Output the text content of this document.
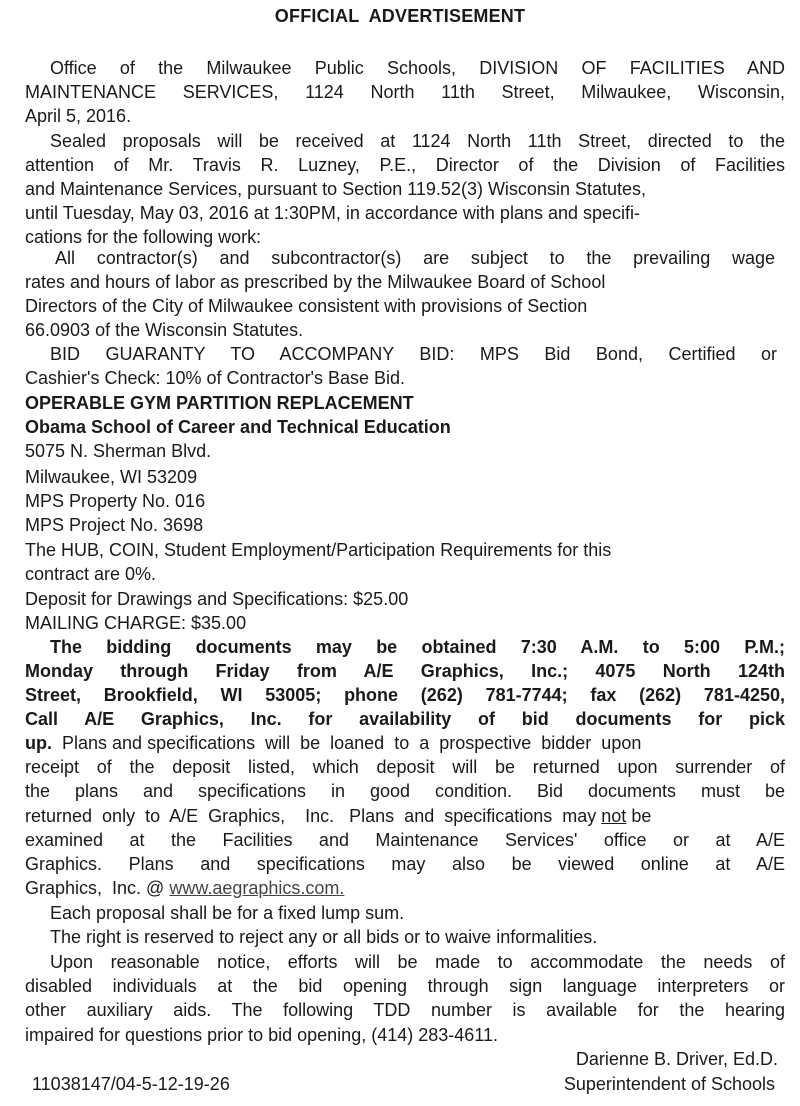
OFFICIAL ADVERTISEMENT
Office of the Milwaukee Public Schools, DIVISION OF FACILITIES AND
MAINTENANCE SERVICES, 1124 North 11th Street, Milwaukee, Wisconsin,
April 5, 2016.
Sealed proposals will be received at 1124 North 11th Street, directed to the
attention of Mr. Travis R. Luzney, P.E., Director of the Division of Facilities
and Maintenance Services, pursuant to Section 119.52(3) Wisconsin Statutes,
until Tuesday, May 03, 2016 at 1:30PM, in accordance with plans and specifi-
cations for the following work:
All contractor(s) and subcontractor(s) are subject to the prevailing wage
rates and hours of labor as prescribed by the Milwaukee Board of School
Directors of the City of Milwaukee consistent with provisions of Section
66.0903 of the Wisconsin Statutes.
BID GUARANTY TO ACCOMPANY BID: MPS Bid Bond, Certified or
Cashier's Check: 10% of Contractor's Base Bid.
OPERABLE GYM PARTITION REPLACEMENT
Obama School of Career and Technical Education
5075 N. Sherman Blvd.
Milwaukee, WI 53209
MPS Property No. 016
MPS Project No. 3698
The HUB, COIN, Student Employment/Participation Requirements for this
contract are 0%.
Deposit for Drawings and Specifications: $25.00
MAILING CHARGE: $35.00
The bidding documents may be obtained 7:30 A.M. to 5:00 P.M.;
Monday through Friday from A/E Graphics, Inc.; 4075 North 124th
Street, Brookfield, WI 53005; phone (262) 781-7744; fax (262) 781-4250,
Call A/E Graphics, Inc. for availability of bid documents for pick
up.  Plans and specifications  will  be  loaned  to  a  prospective  bidder  upon
receipt of the deposit listed, which deposit will be returned upon surrender of
the plans and specifications in good condition. Bid documents must be
returned  only  to  A/E  Graphics,    Inc.   Plans  and  specifications  may not be
examined at the Facilities and Maintenance Services' office or at A/E
Graphics. Plans and specifications may also be viewed online at A/E
Graphics,  Inc. @ www.aegraphics.com.
Each proposal shall be for a fixed lump sum.
The right is reserved to reject any or all bids or to waive informalities.
Upon reasonable notice, efforts will be made to accommodate the needs of
disabled individuals at the bid opening through sign language interpreters or
other auxiliary aids. The following TDD number is available for the hearing
impaired for questions prior to bid opening, (414) 283-4611.
Darienne B. Driver, Ed.D.
Superintendent of Schools
11038147/04-5-12-19-26
